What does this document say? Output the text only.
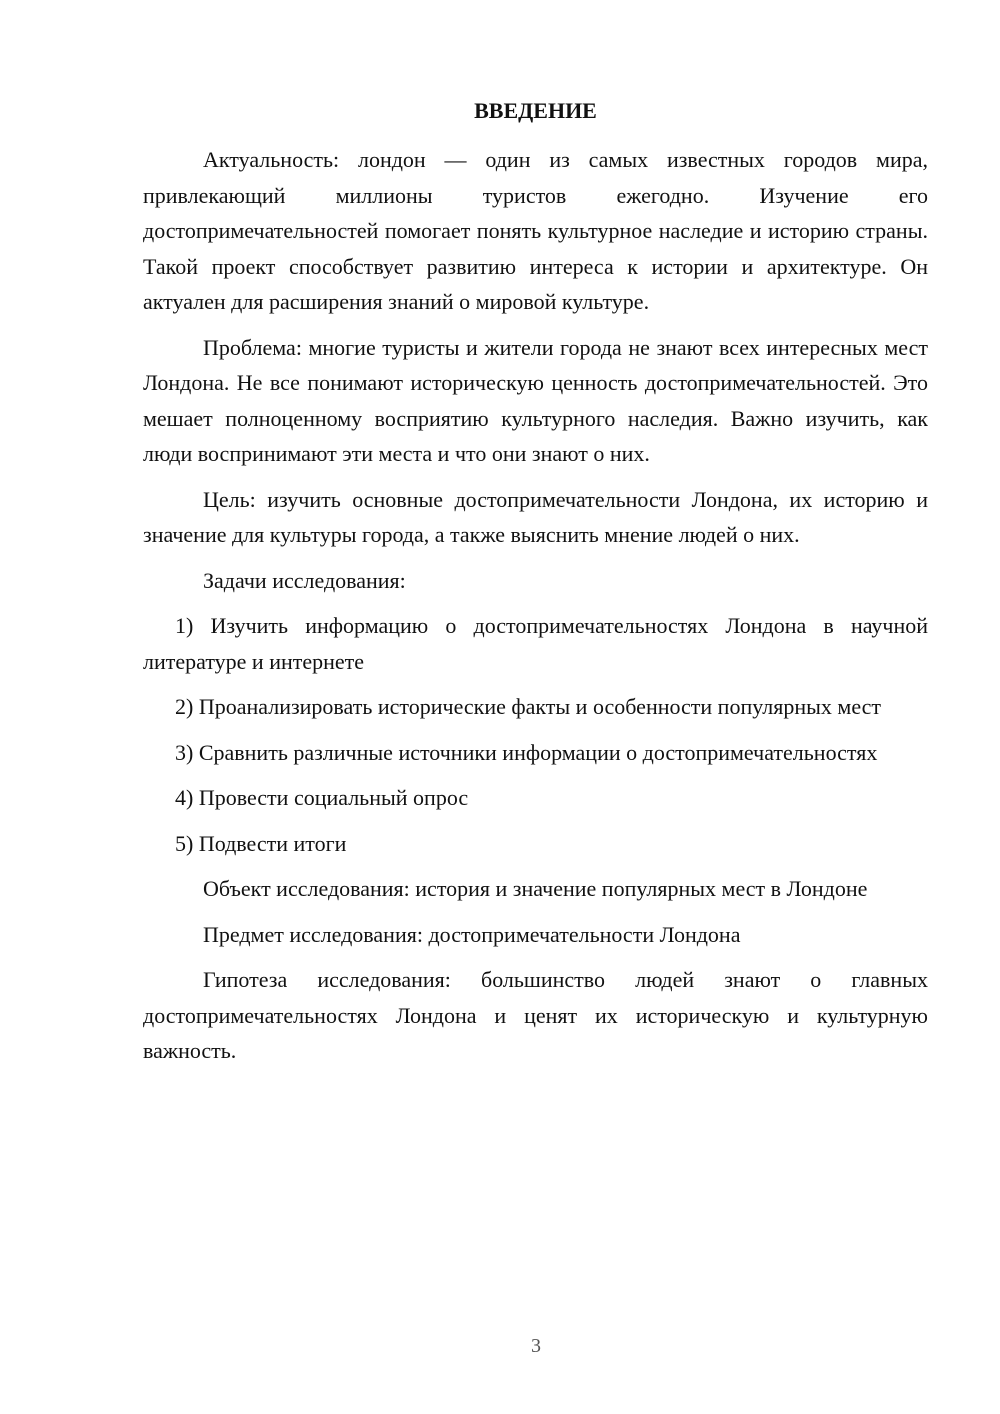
ВВЕДЕНИЕ

Актуальность: лондон — один из самых известных городов мира, привлекающий миллионы туристов ежегодно. Изучение его достопримечательностей помогает понять культурное наследие и историю страны. Такой проект способствует развитию интереса к истории и архитектуре. Он актуален для расширения знаний о мировой культуре.

Проблема: многие туристы и жители города не знают всех интересных мест Лондона. Не все понимают историческую ценность достопримечательностей. Это мешает полноценному восприятию культурного наследия. Важно изучить, как люди воспринимают эти места и что они знают о них.

Цель: изучить основные достопримечательности Лондона, их историю и значение для культуры города, а также выяснить мнение людей о них.

Задачи исследования:

1) Изучить информацию о достопримечательностях Лондона в научной литературе и интернете

2) Проанализировать исторические факты и особенности популярных мест

3) Сравнить различные источники информации о достопримечательностях

4) Провести социальный опрос

5) Подвести итоги

Объект исследования: история и значение популярных мест в Лондоне

Предмет исследования: достопримечательности Лондона

Гипотеза исследования: большинство людей знают о главных достопримечательностях Лондона и ценят их историческую и культурную важность.

3
